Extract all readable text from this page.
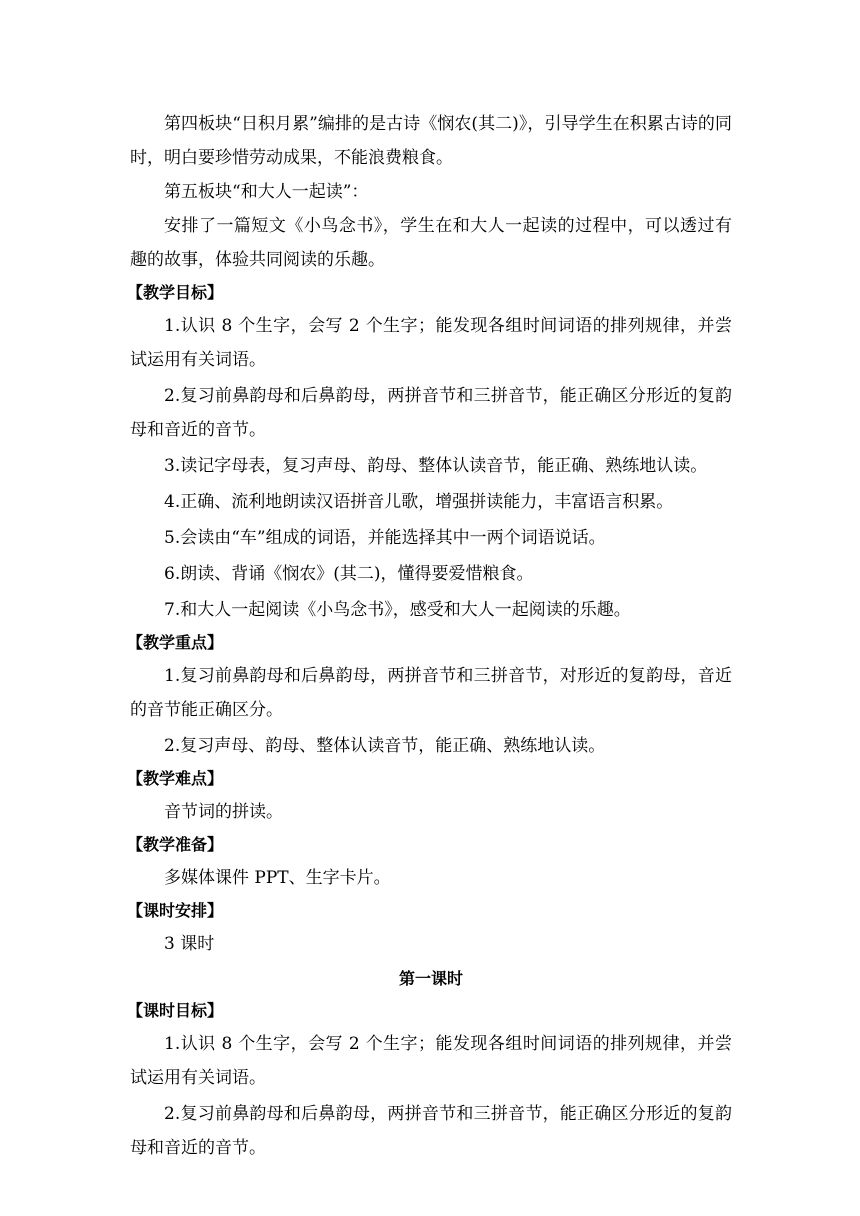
第四板块“日积月累”编排的是古诗《悯农(其二)》，引导学生在积累古诗的同时，明白要珍惜劳动成果，不能浪费粮食。

第五板块“和大人一起读”：

安排了一篇短文《小鸟念书》，学生在和大人一起读的过程中，可以透过有趣的故事，体验共同阅读的乐趣。

【教学目标】
1.认识 8 个生字，会写 2 个生字；能发现各组时间词语的排列规律，并尝试运用有关词语。
2.复习前鼻韵母和后鼻韵母，两拼音节和三拼音节，能正确区分形近的复韵母和音近的音节。
3.读记字母表，复习声母、韵母、整体认读音节，能正确、熟练地认读。
4.正确、流利地朗读汉语拼音儿歌，增强拼读能力，丰富语言积累。
5.会读由“车”组成的词语，并能选择其中一两个词语说话。
6.朗读、背诵《悯农》(其二)，懂得要爱惜粮食。
7.和大人一起阅读《小鸟念书》，感受和大人一起阅读的乐趣。
【教学重点】
1.复习前鼻韵母和后鼻韵母，两拼音节和三拼音节，对形近的复韵母，音近的音节能正确区分。
2.复习声母、韵母、整体认读音节，能正确、熟练地认读。
【教学难点】

音节词的拼读。

【教学准备】

多媒体课件 PPT、生字卡片。

【课时安排】

3 课时

第一课时
【课时目标】
1.认识 8 个生字，会写 2 个生字；能发现各组时间词语的排列规律，并尝试运用有关词语。
2.复习前鼻韵母和后鼻韵母，两拼音节和三拼音节，能正确区分形近的复韵母和音近的音节。
